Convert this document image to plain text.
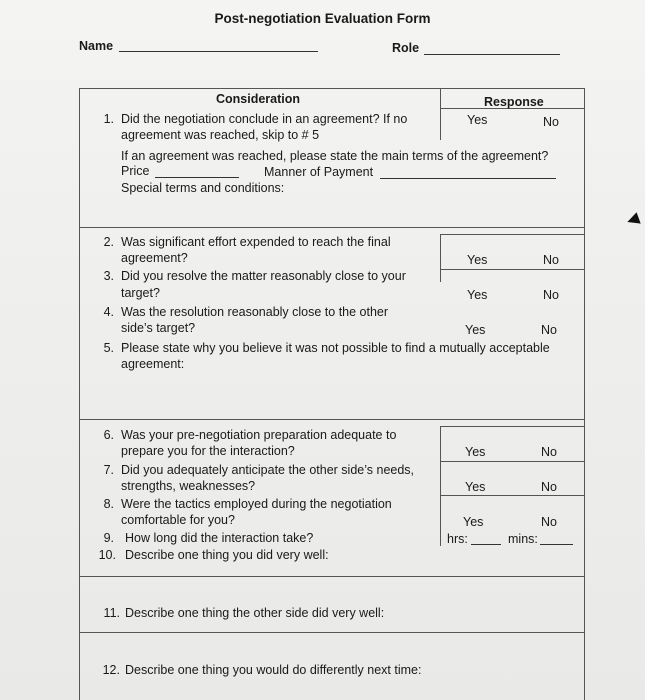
Post-negotiation Evaluation Form
Name	Role
Consideration	Response
1. Did the negotiation conclude in an agreement? If no
agreement was reached, skip to # 5
Yes	No
If an agreement was reached, please state the main terms of the agreement?
Price	Manner of Payment
Special terms and conditions:
2. Was significant effort expended to reach the final
agreement?	Yes	No
3. Did you resolve the matter reasonably close to your
target?	Yes	No
4. Was the resolution reasonably close to the other
side’s target?	Yes	No
5. Please state why you believe it was not possible to find a mutually acceptable
agreement:
6. Was your pre-negotiation preparation adequate to
prepare you for the interaction?	Yes	No
7. Did you adequately anticipate the other side’s needs,
strengths, weaknesses?	Yes	No
8. Were the tactics employed during the negotiation
comfortable for you?	Yes	No
9. How long did the interaction take?	hrs:	mins:
10. Describe one thing you did very well:
11. Describe one thing the other side did very well:
12. Describe one thing you would do differently next time:
